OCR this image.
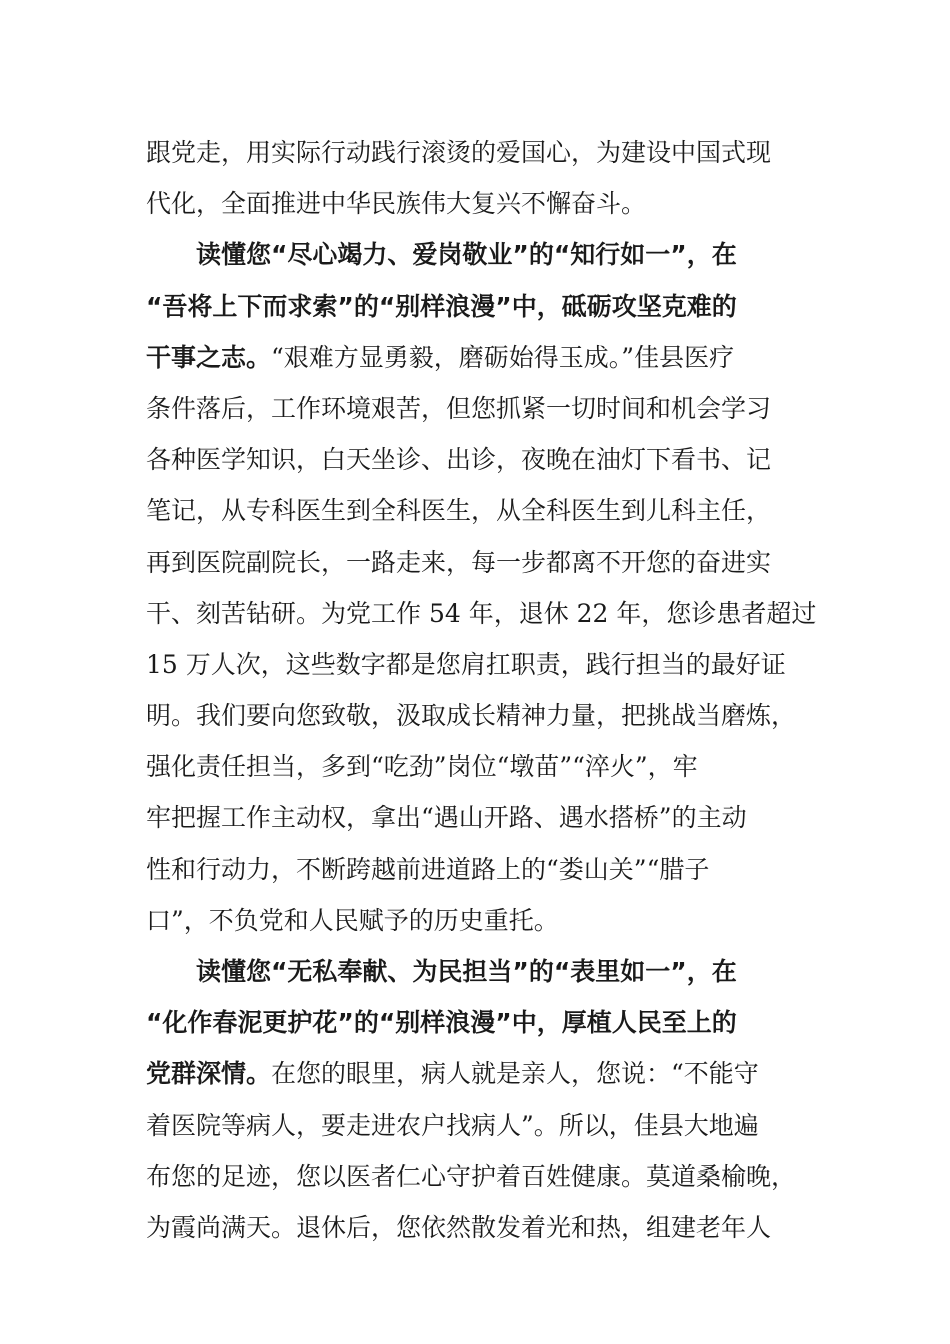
跟党走，用实际行动践行滚烫的爱国心，为建设中国式现
代化，全面推进中华民族伟大复兴不懈奋斗。
读懂您“尽心竭力、爱岗敬业”的“知行如一”，在
“吾将上下而求索”的“别样浪漫”中，砥砺攻坚克难的
干事之志。“艰难方显勇毅，磨砺始得玉成。”佳县医疗
条件落后，工作环境艰苦，但您抓紧一切时间和机会学习
各种医学知识，白天坐诊、出诊，夜晚在油灯下看书、记
笔记，从专科医生到全科医生，从全科医生到儿科主任，
再到医院副院长，一路走来，每一步都离不开您的奋进实
干、刻苦钻研。为党工作 54 年，退休 22 年，您诊患者超过
15 万人次，这些数字都是您肩扛职责，践行担当的最好证
明。我们要向您致敬，汲取成长精神力量，把挑战当磨炼，
强化责任担当，多到“吃劲”岗位“墩苗”“淬火”，牢
牢把握工作主动权，拿出“遇山开路、遇水搭桥”的主动
性和行动力，不断跨越前进道路上的“娄山关”“腊子
口”，不负党和人民赋予的历史重托。
读懂您“无私奉献、为民担当”的“表里如一”，在
“化作春泥更护花”的“别样浪漫”中，厚植人民至上的
党群深情。在您的眼里，病人就是亲人，您说：“不能守
着医院等病人，要走进农户找病人”。所以，佳县大地遍
布您的足迹，您以医者仁心守护着百姓健康。莫道桑榆晚，
为霞尚满天。退休后，您依然散发着光和热，组建老年人
